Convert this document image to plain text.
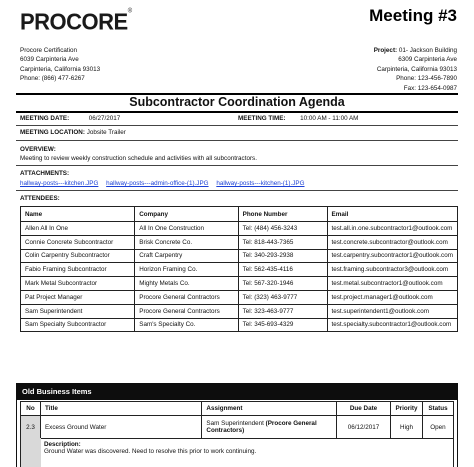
PROCORE®	Meeting #3
Procore Certification
6039 Carpinteria Ave
Carpinteria, California 93013
Phone: (866) 477-6267
Project: 01- Jackson Building
6309 Carpinteria Ave
Carpinteria, California 93013
Phone: 123-456-7890
Fax: 123-654-0987
Subcontractor Coordination Agenda
MEETING DATE:	06/27/2017	MEETING TIME: 10:00 AM - 11:00 AM
MEETING LOCATION: Jobsite Trailer
OVERVIEW:
Meeting to review weekly construction schedule and activities with all subcontractors.
ATTACHMENTS:
hallway-posts---kitchen.JPG hallway-posts---admin-office-(1).JPG hallway-posts---kitchen-(1).JPG
ATTENDEES:
Name	Company	Phone Number	Email
Allen All In One	All In One Construction	Tel: (484) 456-3243	test.all.in.one.subcontractor1@outlook.com
Connie Concrete Subcontractor	Brisk Concrete Co.	Tel: 818-443-7365	test.concrete.subcontractor@outlook.com
Colin Carpentry Subcontractor	Craft Carpentry	Tel: 340-293-2938	test.carpentry.subcontractor1@outlook.com
Fabio Framing Subcontractor	Horizon Framing Co.	Tel: 562-435-4116	test.framing.subcontractor3@outlook.com
Mark Metal Subcontractor	Mighty Metals Co.	Tel: 567-320-1946	test.metal.subcontractor1@outlook.com
Pat Project Manager	Procore General Contractors	Tel: (323) 463-9777	test.project.manager1@outlook.com
Sam Superintendent	Procore General Contractors	Tel: 323-463-9777	test.superintendent1@outlook.com
Sam Specialty Subcontractor	Sam's Specialty Co.	Tel: 345-693-4329	test.specialty.subcontractor1@outlook.com
Old Business Items
No	Title	Assignment	Due Date	Priority	Status
2.3	Excess Ground Water	Sam Superintendent (Procore General Contractors)	06/12/2017	High	Open
Description:
Ground Water was discovered. Need to resolve this prior to work continuing.
